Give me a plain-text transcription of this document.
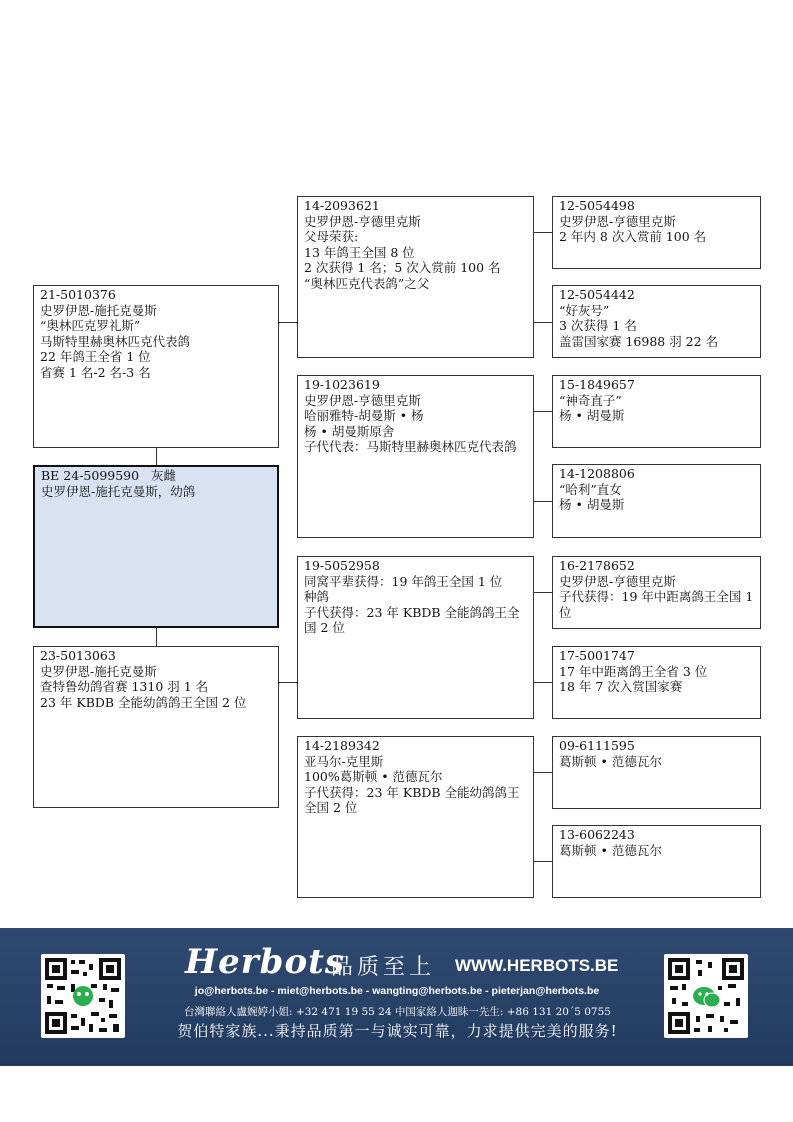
21-5010376
史罗伊恩-施托克曼斯
“奥林匹克罗礼斯”
马斯特里赫奥林匹克代表鸽
22 年鸽王全省 1 位
省赛 1 名-2 名-3 名
BE 24-5099590   灰雌
史罗伊恩-施托克曼斯，幼鸽
23-5013063
史罗伊恩-施托克曼斯
查特鲁幼鸽省赛 1310 羽 1 名
23 年 KBDB 全能幼鸽鸽王全国 2 位
14-2093621
史罗伊恩-亨德里克斯
父母荣获:
13 年鸽王全国 8 位
2 次获得 1 名；5 次入赏前 100 名
“奥林匹克代表鸽”之父
19-1023619
史罗伊恩-亨德里克斯
哈丽雅特-胡曼斯 • 杨
杨 • 胡曼斯原舍
子代代表：马斯特里赫奥林匹克代表鸽
19-5052958
同窝平辈获得：19 年鸽王全国 1 位
种鸽
子代获得：23 年 KBDB 全能鸽鸽王全国 2 位
14-2189342
亚马尔-克里斯
100%葛斯顿 • 范德瓦尔
子代获得：23 年 KBDB 全能幼鸽鸽王全国 2 位
12-5054498
史罗伊恩-亨德里克斯
2 年内 8 次入赏前 100 名
12-5054442
“好灰号”
3 次获得 1 名
盖雷国家赛 16988 羽 22 名
15-1849657
“神奇直子”
杨 • 胡曼斯
14-1208806
“哈利”直女
杨 • 胡曼斯
16-2178652
史罗伊恩-亨德里克斯
子代获得：19 年中距离鸽王全国 1 位
17-5001747
17 年中距离鸽王全省 3 位
18 年 7 次入赏国家赛
09-6111595
葛斯顿 • 范德瓦尔
13-6062243
葛斯顿 • 范德瓦尔
Herbots
品质至上 WWW.HERBOTS.BE
jo@herbots.be - miet@herbots.be - wangting@herbots.be - pieterjan@herbots.be
台灣聯絡人盧婉婷小姐: +32 471 19 55 24 中国家絡人迦眛一先生: +86 131 20´5 0755
贺伯特家族...秉持品质第一与诚实可靠，力求提供完美的服务!
